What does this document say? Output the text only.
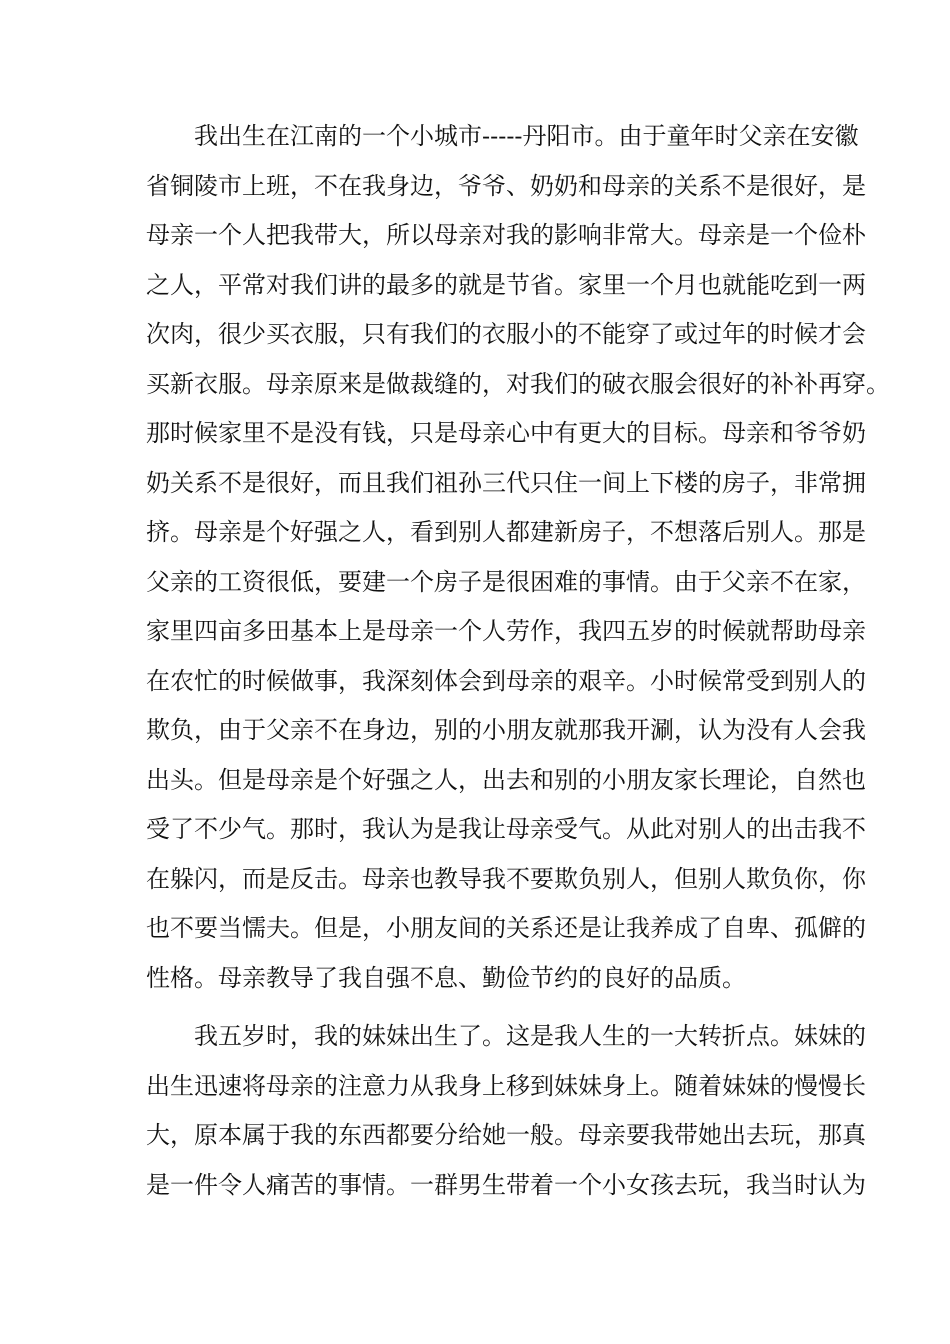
我出生在江南的一个小城市-----丹阳市。由于童年时父亲在安徽
省铜陵市上班，不在我身边，爷爷、奶奶和母亲的关系不是很好，是
母亲一个人把我带大，所以母亲对我的影响非常大。母亲是一个俭朴
之人，平常对我们讲的最多的就是节省。家里一个月也就能吃到一两
次肉，很少买衣服，只有我们的衣服小的不能穿了或过年的时候才会
买新衣服。母亲原来是做裁缝的，对我们的破衣服会很好的补补再穿。
那时候家里不是没有钱，只是母亲心中有更大的目标。母亲和爷爷奶
奶关系不是很好，而且我们祖孙三代只住一间上下楼的房子，非常拥
挤。母亲是个好强之人，看到别人都建新房子，不想落后别人。那是
父亲的工资很低，要建一个房子是很困难的事情。由于父亲不在家，
家里四亩多田基本上是母亲一个人劳作，我四五岁的时候就帮助母亲
在农忙的时候做事，我深刻体会到母亲的艰辛。小时候常受到别人的
欺负，由于父亲不在身边，别的小朋友就那我开涮，认为没有人会我
出头。但是母亲是个好强之人，出去和别的小朋友家长理论，自然也
受了不少气。那时，我认为是我让母亲受气。从此对别人的出击我不
在躲闪，而是反击。母亲也教导我不要欺负别人，但别人欺负你，你
也不要当懦夫。但是，小朋友间的关系还是让我养成了自卑、孤僻的
性格。母亲教导了我自强不息、勤俭节约的良好的品质。
我五岁时，我的妹妹出生了。这是我人生的一大转折点。妹妹的
出生迅速将母亲的注意力从我身上移到妹妹身上。随着妹妹的慢慢长
大，原本属于我的东西都要分给她一般。母亲要我带她出去玩，那真
是一件令人痛苦的事情。一群男生带着一个小女孩去玩，我当时认为
